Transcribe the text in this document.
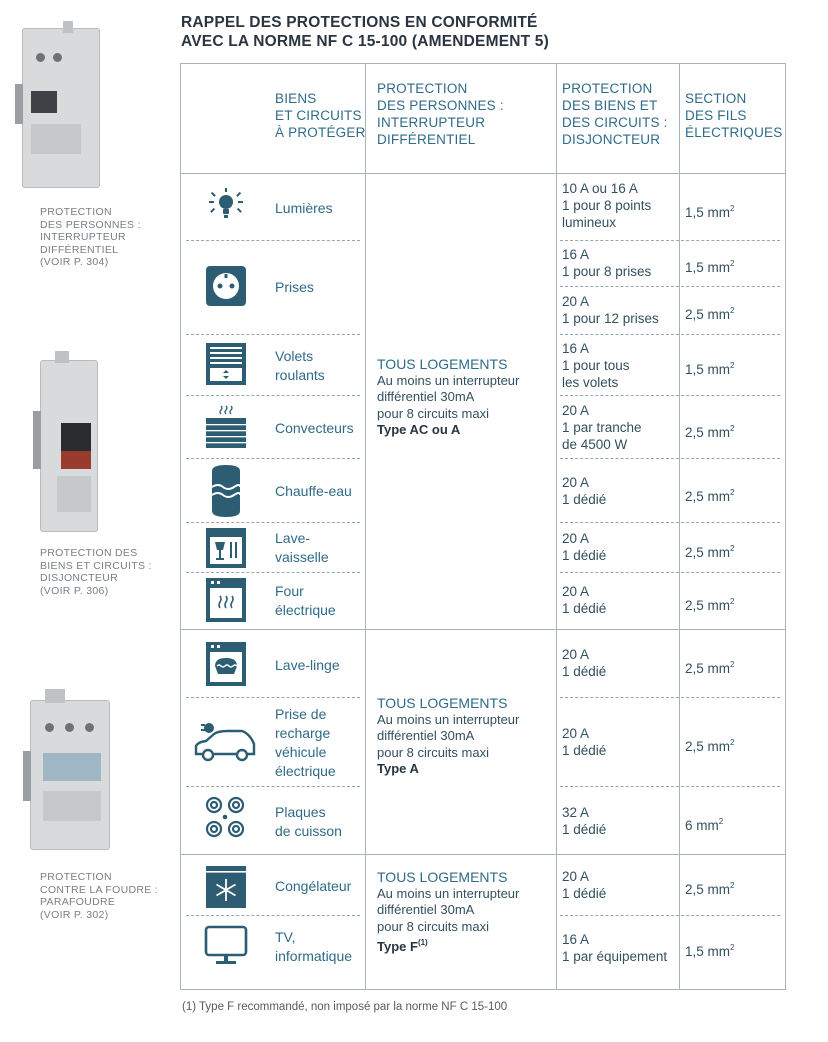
RAPPEL DES PROTECTIONS EN CONFORMITÉ
AVEC LA NORME NF C 15-100 (AMENDEMENT 5)
PROTECTION
DES PERSONNES :
INTERRUPTEUR
DIFFÉRENTIEL
(VOIR P. 304)
PROTECTION DES
BIENS ET CIRCUITS :
DISJONCTEUR
(VOIR P. 306)
PROTECTION
CONTRE LA FOUDRE :
PARAFOUDRE
(VOIR P. 302)
BIENS
ET CIRCUITS
À PROTÉGER
PROTECTION
DES PERSONNES :
INTERRUPTEUR
DIFFÉRENTIEL
PROTECTION
DES BIENS ET
DES CIRCUITS :
DISJONCTEUR
SECTION
DES FILS
ÉLECTRIQUES
Lumières
Prises
Volets
roulants
Convecteurs
Chauffe-eau
Lave-
vaisselle
Four
électrique
Lave-linge
Prise de
recharge
véhicule
électrique
Plaques
de cuisson
Congélateur
TV,
informatique
TOUS LOGEMENTS
Au moins un interrupteur
différentiel 30mA
pour 8 circuits maxi
Type AC ou A
TOUS LOGEMENTS
Au moins un interrupteur
différentiel 30mA
pour 8 circuits maxi
Type A
TOUS LOGEMENTS
Au moins un interrupteur
différentiel 30mA
pour 8 circuits maxi
Type $F^{(1)}$
10 A ou 16 A
1 pour 8 points
lumineux
16 A
1 pour 8 prises
20 A
1 pour 12 prises
16 A
1 pour tous
les volets
20 A
1 par tranche
de 4500 W
20 A
1 dédié
20 A
1 dédié
20 A
1 dédié
20 A
1 dédié
20 A
1 dédié
32 A
1 dédié
20 A
1 dédié
16 A
1 par équipement
1,5 $mm^2$
1,5 $mm^2$
2,5 $mm^2$
1,5 $mm^2$
2,5 $mm^2$
2,5 $mm^2$
2,5 $mm^2$
2,5 $mm^2$
2,5 $mm^2$
2,5 $mm^2$
6 $mm^2$
2,5 $mm^2$
1,5 $mm^2$
(1) Type F recommandé, non imposé par la norme NF C 15-100
